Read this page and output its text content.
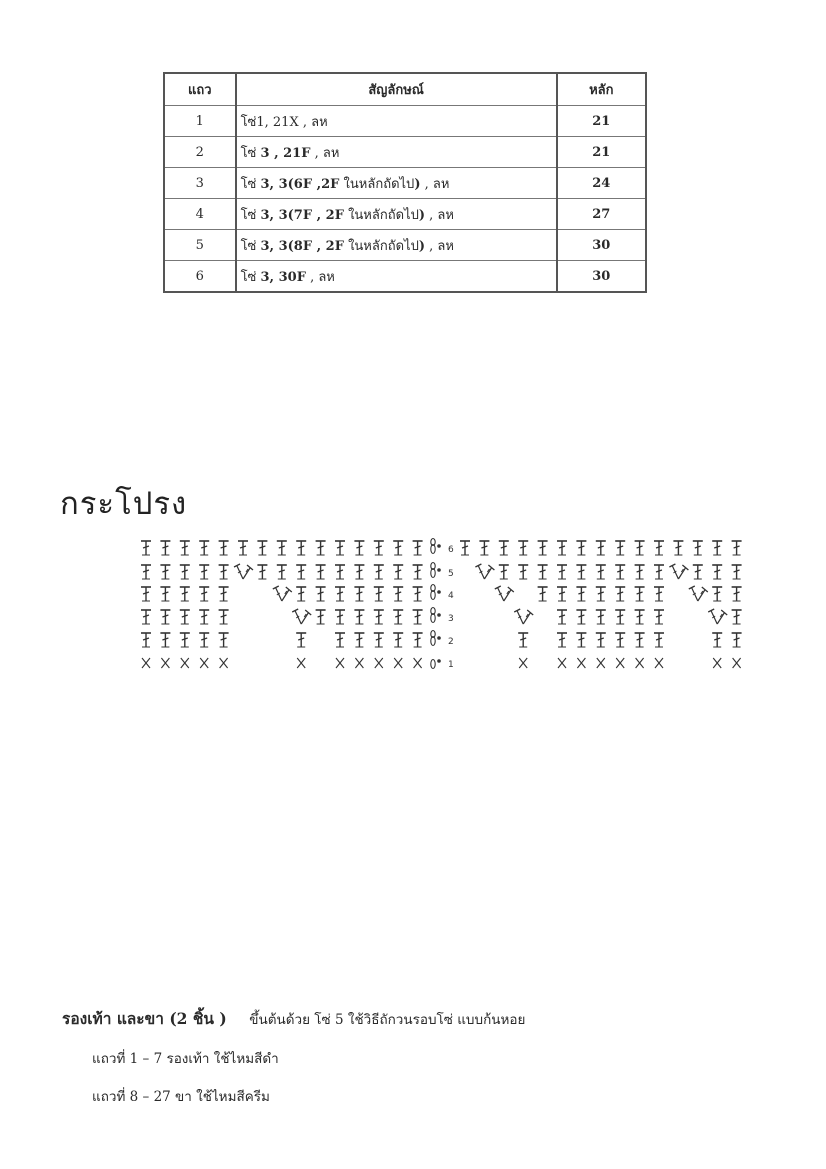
แถว	สัญลักษณ์	หลัก
1	โซ่1, 21X , ลห	21
2	โซ่ 3 , 21F , ลห	21
3	โซ่ 3, 3(6F ,2F ในหลักถัดไป) , ลห	24
4	โซ่ 3, 3(7F , 2F ในหลักถัดไป) , ลห	27
5	โซ่ 3, 3(8F , 2F ในหลักถัดไป) , ลห	30
6	โซ่ 3, 30F , ลห	30
กระโปรง
6
5
4
3
2
1

รองเท้า และขา (2 ชิ้น ) ขึ้นต้นด้วย โซ่ 5 ใช้วิธีถักวนรอบโซ่ แบบก้นหอย

แถวที่ 1 – 7 รองเท้า ใช้ไหมสีดำ

แถวที่ 8 – 27 ขา ใช้ไหมสีครีม
